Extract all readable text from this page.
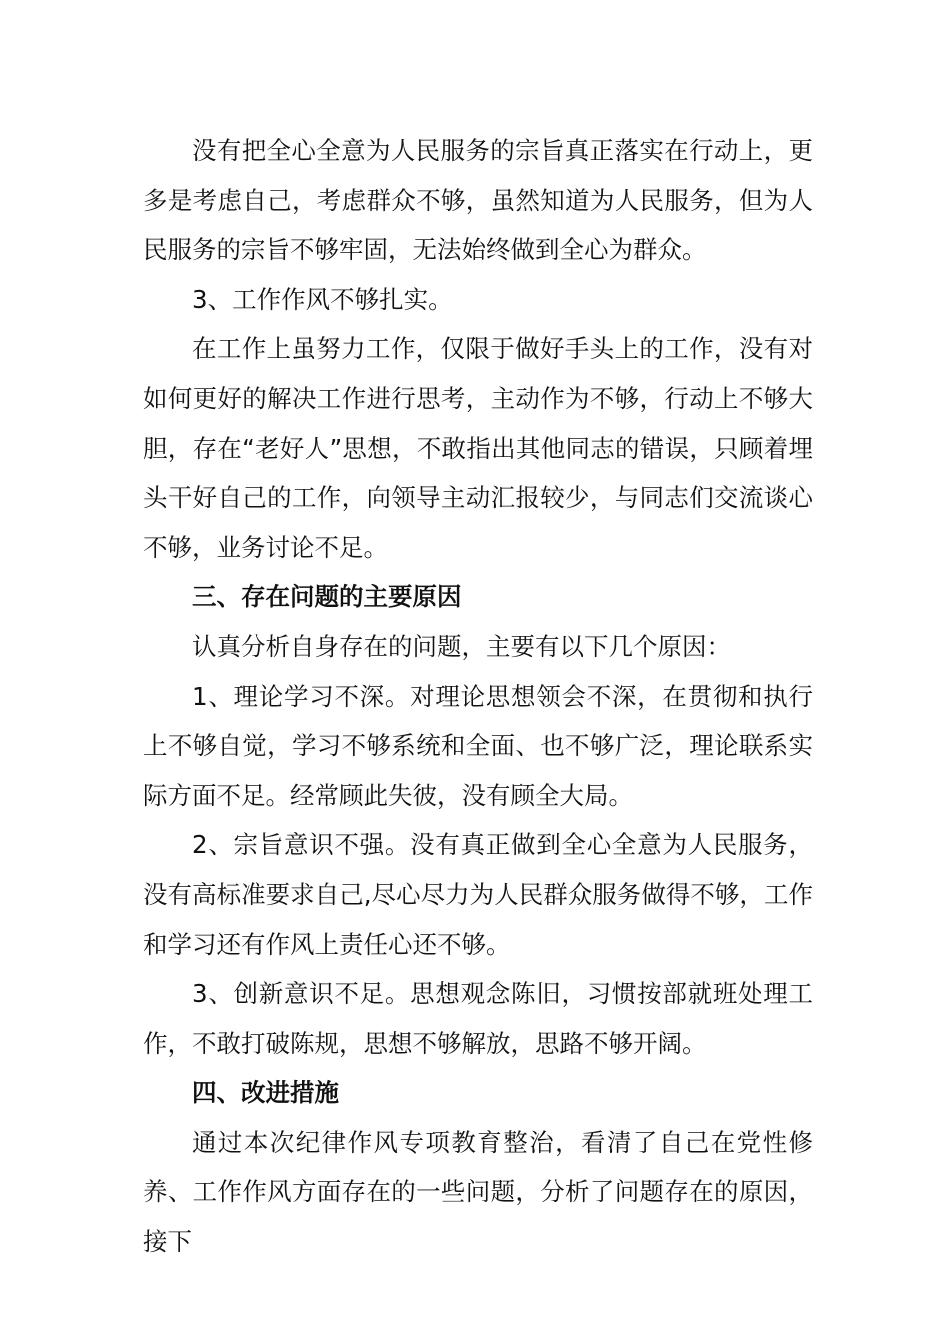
没有把全心全意为人民服务的宗旨真正落实在行动上，更多是考虑自己，考虑群众不够，虽然知道为人民服务，但为人民服务的宗旨不够牢固，无法始终做到全心为群众。

3、工作作风不够扎实。

在工作上虽努力工作，仅限于做好手头上的工作，没有对如何更好的解决工作进行思考，主动作为不够，行动上不够大胆，存在“老好人”思想，不敢指出其他同志的错误，只顾着埋头干好自己的工作，向领导主动汇报较少，与同志们交流谈心不够，业务讨论不足。

三、存在问题的主要原因

认真分析自身存在的问题，主要有以下几个原因：

1、理论学习不深。对理论思想领会不深，在贯彻和执行上不够自觉，学习不够系统和全面、也不够广泛，理论联系实际方面不足。经常顾此失彼，没有顾全大局。

2、宗旨意识不强。没有真正做到全心全意为人民服务，没有高标准要求自己,尽心尽力为人民群众服务做得不够，工作和学习还有作风上责任心还不够。

3、创新意识不足。思想观念陈旧，习惯按部就班处理工作，不敢打破陈规，思想不够解放，思路不够开阔。

四、改进措施

通过本次纪律作风专项教育整治，看清了自己在党性修养、工作作风方面存在的一些问题，分析了问题存在的原因，接下
